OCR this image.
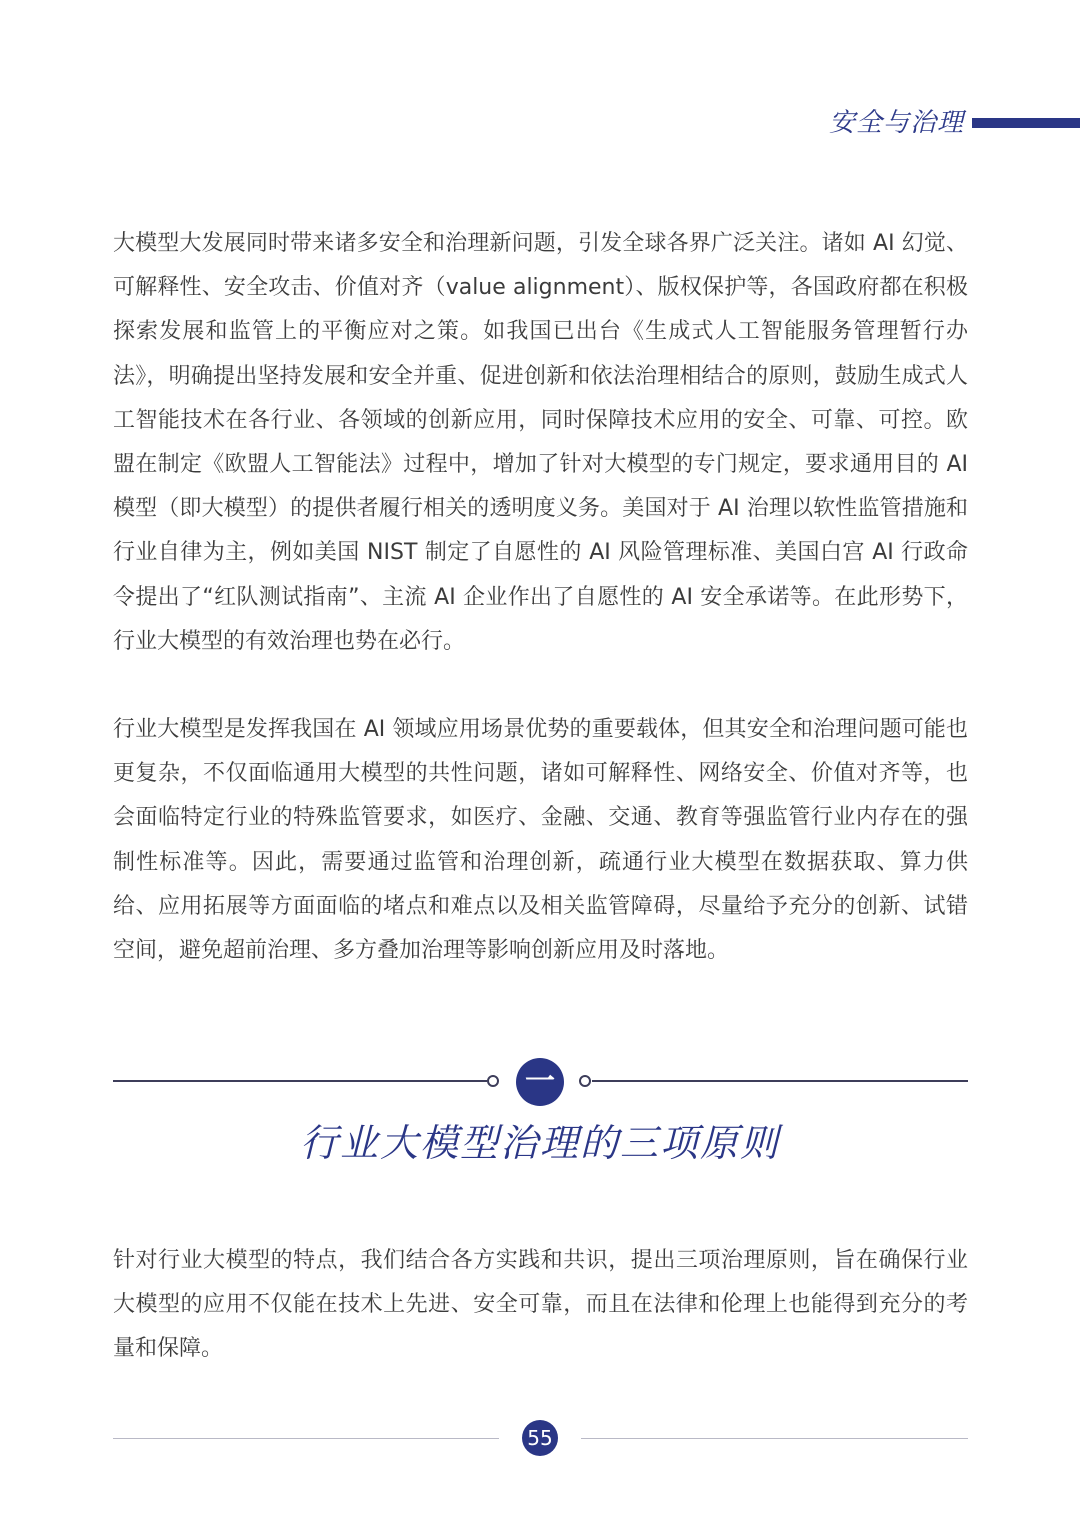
安全与治理

大模型大发展同时带来诸多安全和治理新问题，引发全球各界广泛关注。诸如 AI 幻觉、可解释性、安全攻击、价值对齐（value alignment）、版权保护等，各国政府都在积极探索发展和监管上的平衡应对之策。如我国已出台《生成式人工智能服务管理暂行办法》，明确提出坚持发展和安全并重、促进创新和依法治理相结合的原则，鼓励生成式人工智能技术在各行业、各领域的创新应用，同时保障技术应用的安全、可靠、可控。欧盟在制定《欧盟人工智能法》过程中，增加了针对大模型的专门规定，要求通用目的 AI 模型（即大模型）的提供者履行相关的透明度义务。美国对于 AI 治理以软性监管措施和行业自律为主，例如美国 NIST 制定了自愿性的 AI 风险管理标准、美国白宫 AI 行政命令提出了“红队测试指南”、主流 AI 企业作出了自愿性的 AI 安全承诺等。在此形势下，行业大模型的有效治理也势在必行。

行业大模型是发挥我国在 AI 领域应用场景优势的重要载体，但其安全和治理问题可能也更复杂，不仅面临通用大模型的共性问题，诸如可解释性、网络安全、价值对齐等，也会面临特定行业的特殊监管要求，如医疗、金融、交通、教育等强监管行业内存在的强制性标准等。因此，需要通过监管和治理创新，疏通行业大模型在数据获取、算力供给、应用拓展等方面面临的堵点和难点以及相关监管障碍，尽量给予充分的创新、试错空间，避免超前治理、多方叠加治理等影响创新应用及时落地。

一
行业大模型治理的三项原则

针对行业大模型的特点，我们结合各方实践和共识，提出三项治理原则，旨在确保行业大模型的应用不仅能在技术上先进、安全可靠，而且在法律和伦理上也能得到充分的考量和保障。

55
